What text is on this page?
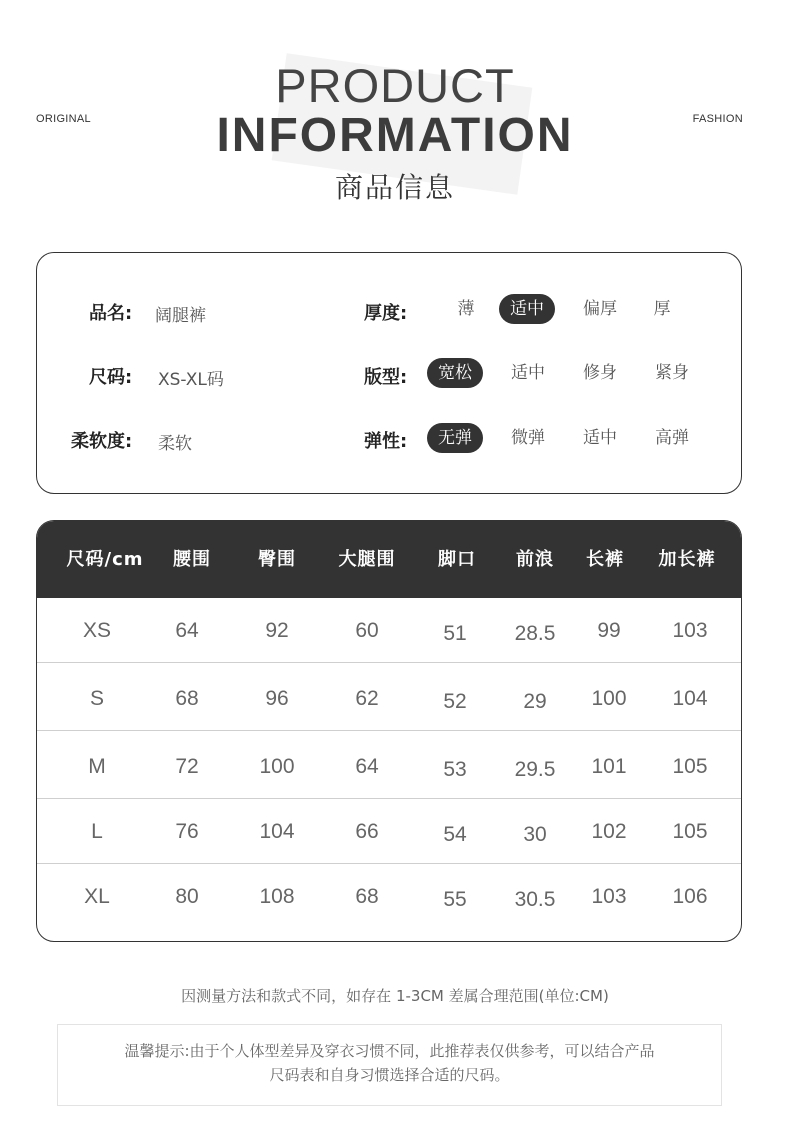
ORIGINAL	FASHION
PRODUCT
INFORMATION
商品信息
品名: 阔腿裤
尺码: XS-XL码
柔软度: 柔软
厚度:	薄	适中	偏厚	厚
版型:	宽松	适中	修身	紧身
弹性:	无弹	微弹	适中	高弹
尺码/cm	腰围	臀围	大腿围	脚口	前浪	长裤	加长裤
XS	64	92	60	51	28.5	99	103
S	68	96	62	52	29	100	104
M	72	100	64	53	29.5	101	105
L	76	104	66	54	30	102	105
XL	80	108	68	55	30.5	103	106
因测量方法和款式不同，如存在 1-3CM 差属合理范围(单位:CM)
温馨提示:由于个人体型差异及穿衣习惯不同，此推荐表仅供参考，可以结合产品
尺码表和自身习惯选择合适的尺码。
